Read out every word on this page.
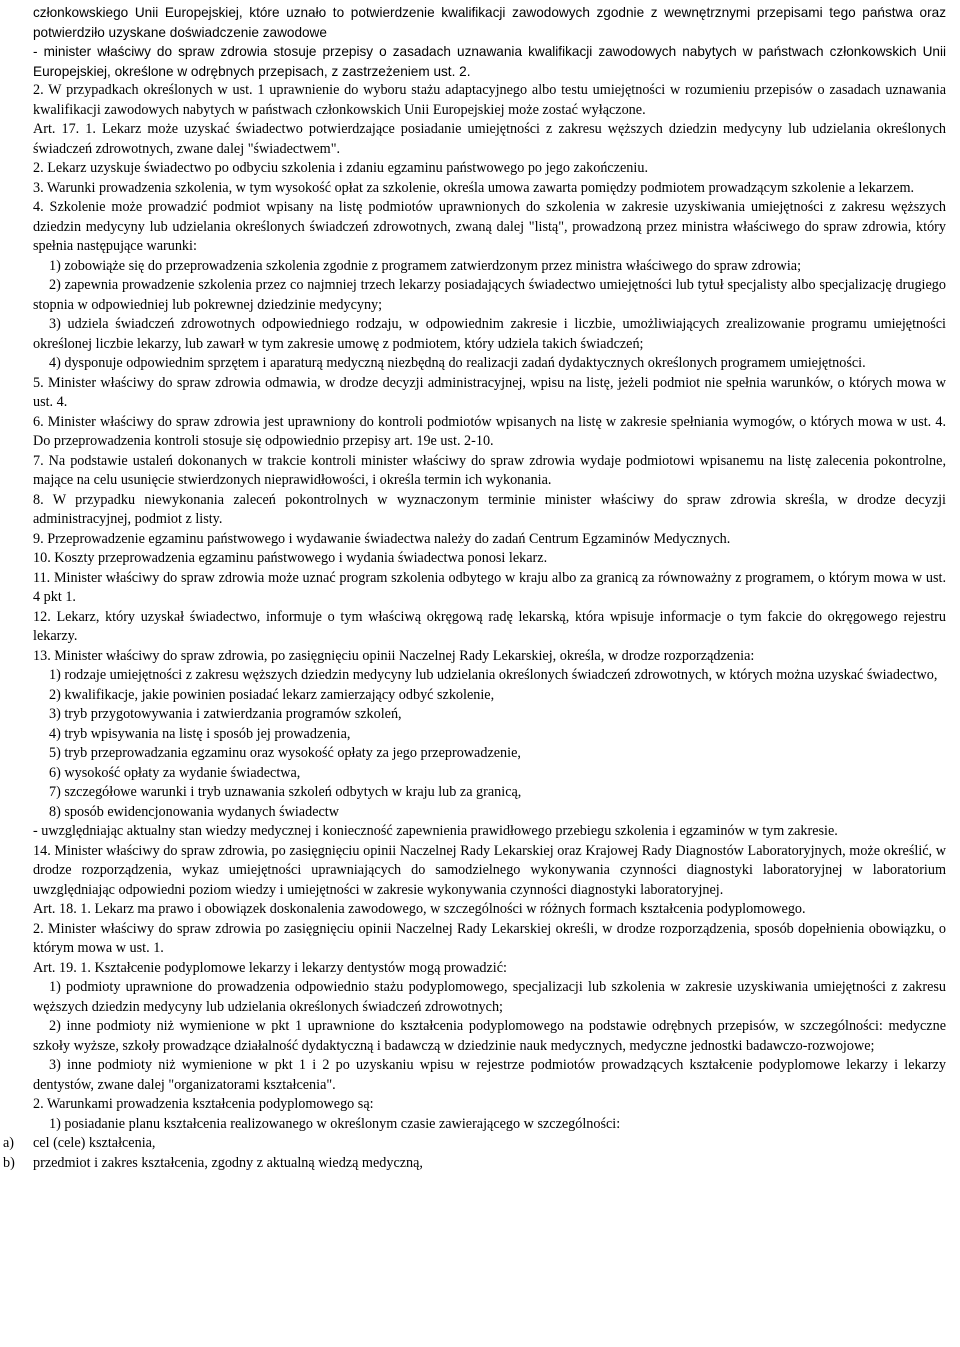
członkowskiego Unii Europejskiej, które uznało to potwierdzenie kwalifikacji zawodowych zgodnie z wewnętrznymi przepisami tego państwa oraz potwierdziło uzyskane doświadczenie zawodowe

- minister właściwy do spraw zdrowia stosuje przepisy o zasadach uznawania kwalifikacji zawodowych nabytych w państwach członkowskich Unii Europejskiej, określone w odrębnych przepisach, z zastrzeżeniem ust. 2.

2. W przypadkach określonych w ust. 1 uprawnienie do wyboru stażu adaptacyjnego albo testu umiejętności w rozumieniu przepisów o zasadach uznawania kwalifikacji zawodowych nabytych w państwach członkowskich Unii Europejskiej może zostać wyłączone.

Art. 17. 1. Lekarz może uzyskać świadectwo potwierdzające posiadanie umiejętności z zakresu węższych dziedzin medycyny lub udzielania określonych świadczeń zdrowotnych, zwane dalej "świadectwem".

2. Lekarz uzyskuje świadectwo po odbyciu szkolenia i zdaniu egzaminu państwowego po jego zakończeniu.

3. Warunki prowadzenia szkolenia, w tym wysokość opłat za szkolenie, określa umowa zawarta pomiędzy podmiotem prowadzącym szkolenie a lekarzem.

4. Szkolenie może prowadzić podmiot wpisany na listę podmiotów uprawnionych do szkolenia w zakresie uzyskiwania umiejętności z zakresu węższych dziedzin medycyny lub udzielania określonych świadczeń zdrowotnych, zwaną dalej "listą", prowadzoną przez ministra właściwego do spraw zdrowia, który spełnia następujące warunki:

1) zobowiąże się do przeprowadzenia szkolenia zgodnie z programem zatwierdzonym przez ministra właściwego do spraw zdrowia;

2) zapewnia prowadzenie szkolenia przez co najmniej trzech lekarzy posiadających świadectwo umiejętności lub tytuł specjalisty albo specjalizację drugiego stopnia w odpowiedniej lub pokrewnej dziedzinie medycyny;

3) udziela świadczeń zdrowotnych odpowiedniego rodzaju, w odpowiednim zakresie i liczbie, umożliwiających zrealizowanie programu umiejętności określonej liczbie lekarzy, lub zawarł w tym zakresie umowę z podmiotem, który udziela takich świadczeń;

4) dysponuje odpowiednim sprzętem i aparaturą medyczną niezbędną do realizacji zadań dydaktycznych określonych programem umiejętności.

5. Minister właściwy do spraw zdrowia odmawia, w drodze decyzji administracyjnej, wpisu na listę, jeżeli podmiot nie spełnia warunków, o których mowa w ust. 4.

6. Minister właściwy do spraw zdrowia jest uprawniony do kontroli podmiotów wpisanych na listę w zakresie spełniania wymogów, o których mowa w ust. 4. Do przeprowadzenia kontroli stosuje się odpowiednio przepisy art. 19e ust. 2-10.

7. Na podstawie ustaleń dokonanych w trakcie kontroli minister właściwy do spraw zdrowia wydaje podmiotowi wpisanemu na listę zalecenia pokontrolne, mające na celu usunięcie stwierdzonych nieprawidłowości, i określa termin ich wykonania.

8. W przypadku niewykonania zaleceń pokontrolnych w wyznaczonym terminie minister właściwy do spraw zdrowia skreśla, w drodze decyzji administracyjnej, podmiot z listy.

9. Przeprowadzenie egzaminu państwowego i wydawanie świadectwa należy do zadań Centrum Egzaminów Medycznych.

10. Koszty przeprowadzenia egzaminu państwowego i wydania świadectwa ponosi lekarz.

11. Minister właściwy do spraw zdrowia może uznać program szkolenia odbytego w kraju albo za granicą za równoważny z programem, o którym mowa w ust. 4 pkt 1.

12. Lekarz, który uzyskał świadectwo, informuje o tym właściwą okręgową radę lekarską, która wpisuje informacje o tym fakcie do okręgowego rejestru lekarzy.

13. Minister właściwy do spraw zdrowia, po zasięgnięciu opinii Naczelnej Rady Lekarskiej, określa, w drodze rozporządzenia:

1) rodzaje umiejętności z zakresu węższych dziedzin medycyny lub udzielania określonych świadczeń zdrowotnych, w których można uzyskać świadectwo,

2) kwalifikacje, jakie powinien posiadać lekarz zamierzający odbyć szkolenie,

3) tryb przygotowywania i zatwierdzania programów szkoleń,

4) tryb wpisywania na listę i sposób jej prowadzenia,

5) tryb przeprowadzania egzaminu oraz wysokość opłaty za jego przeprowadzenie,

6) wysokość opłaty za wydanie świadectwa,

7) szczegółowe warunki i tryb uznawania szkoleń odbytych w kraju lub za granicą,

8) sposób ewidencjonowania wydanych świadectw

- uwzględniając aktualny stan wiedzy medycznej i konieczność zapewnienia prawidłowego przebiegu szkolenia i egzaminów w tym zakresie.

14. Minister właściwy do spraw zdrowia, po zasięgnięciu opinii Naczelnej Rady Lekarskiej oraz Krajowej Rady Diagnostów Laboratoryjnych, może określić, w drodze rozporządzenia, wykaz umiejętności uprawniających do samodzielnego wykonywania czynności diagnostyki laboratoryjnej w laboratorium uwzględniając odpowiedni poziom wiedzy i umiejętności w zakresie wykonywania czynności diagnostyki laboratoryjnej.

Art. 18. 1. Lekarz ma prawo i obowiązek doskonalenia zawodowego, w szczególności w różnych formach kształcenia podyplomowego.

2. Minister właściwy do spraw zdrowia po zasięgnięciu opinii Naczelnej Rady Lekarskiej określi, w drodze rozporządzenia, sposób dopełnienia obowiązku, o którym mowa w ust. 1.

Art. 19. 1. Kształcenie podyplomowe lekarzy i lekarzy dentystów mogą prowadzić:

1) podmioty uprawnione do prowadzenia odpowiednio stażu podyplomowego, specjalizacji lub szkolenia w zakresie uzyskiwania umiejętności z zakresu węższych dziedzin medycyny lub udzielania określonych świadczeń zdrowotnych;

2) inne podmioty niż wymienione w pkt 1 uprawnione do kształcenia podyplomowego na podstawie odrębnych przepisów, w szczególności: medyczne szkoły wyższe, szkoły prowadzące działalność dydaktyczną i badawczą w dziedzinie nauk medycznych, medyczne jednostki badawczo-rozwojowe;

3) inne podmioty niż wymienione w pkt 1 i 2 po uzyskaniu wpisu w rejestrze podmiotów prowadzących kształcenie podyplomowe lekarzy i lekarzy dentystów, zwane dalej "organizatorami kształcenia".

2. Warunkami prowadzenia kształcenia podyplomowego są:

1) posiadanie planu kształcenia realizowanego w określonym czasie zawierającego w szczególności:

a)	cel (cele) kształcenia,

b)	przedmiot i zakres kształcenia, zgodny z aktualną wiedzą medyczną,
